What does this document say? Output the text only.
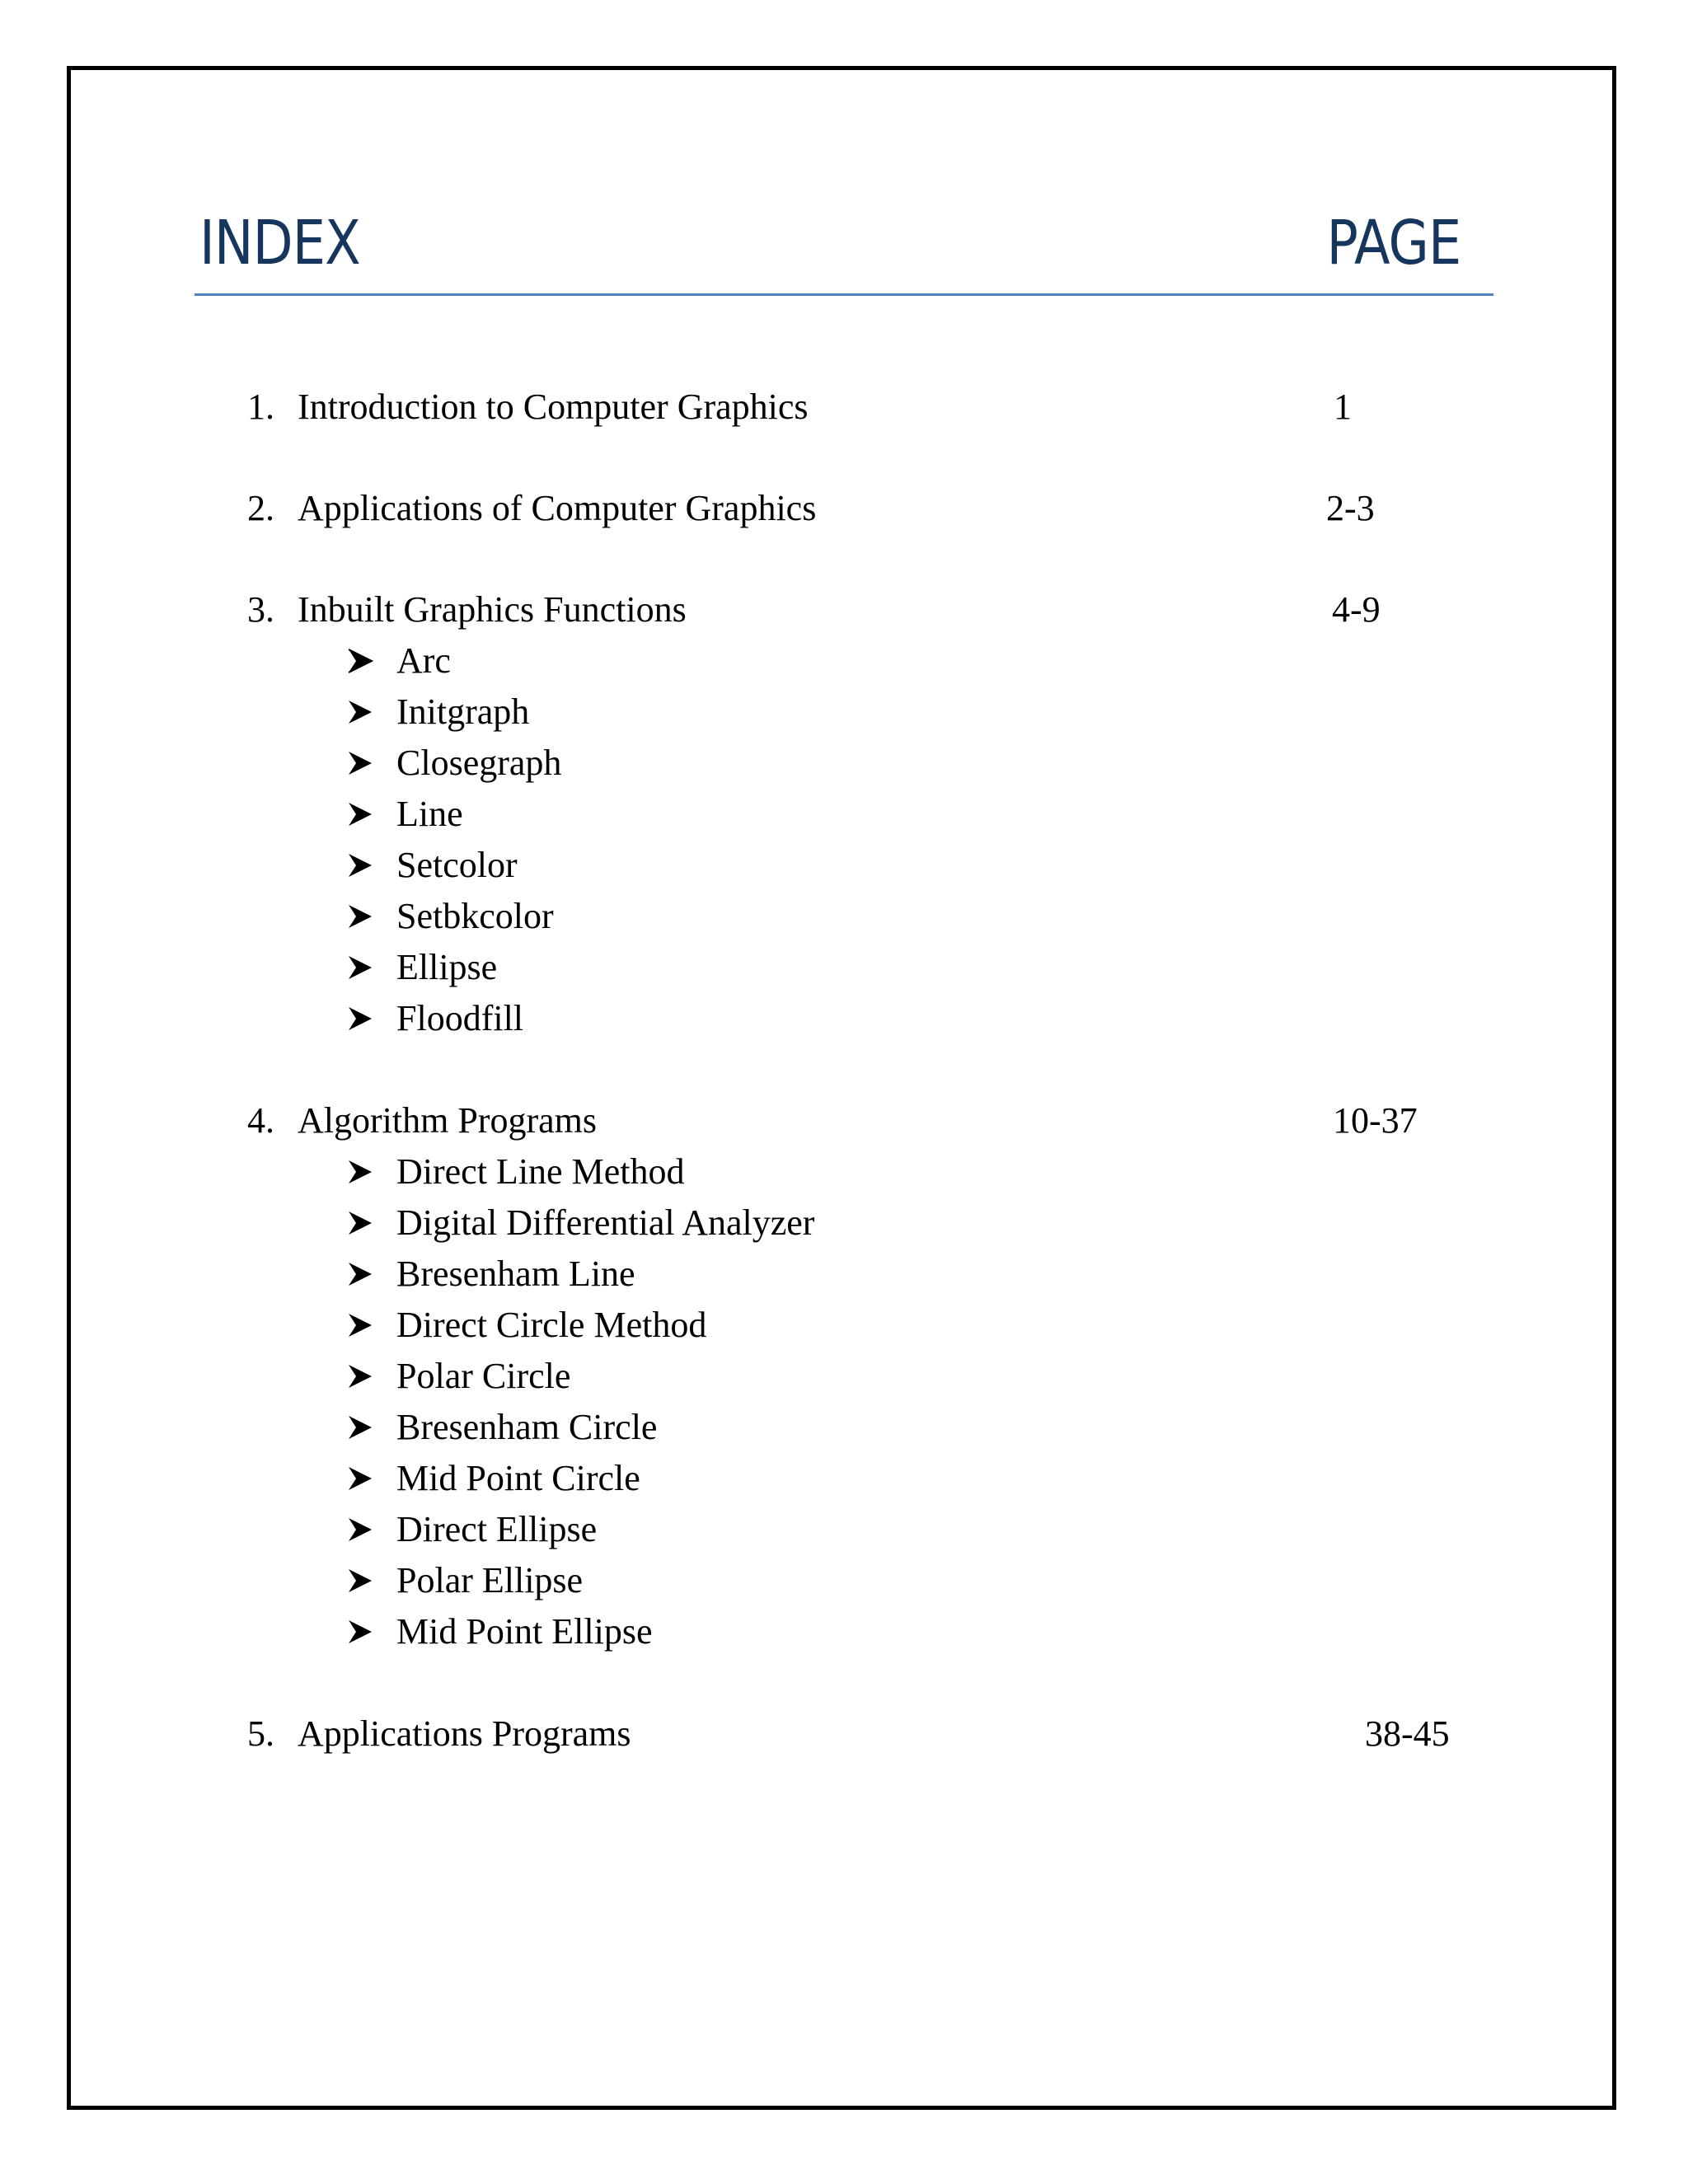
INDEX	PAGE
1. Introduction to Computer Graphics	1
2. Applications of Computer Graphics	2-3
3. Inbuilt Graphics Functions	4-9
Arc
Initgraph
Closegraph
Line
Setcolor
Setbkcolor
Ellipse
Floodfill
4. Algorithm Programs	10-37
Direct Line Method
Digital Differential Analyzer
Bresenham Line
Direct Circle Method
Polar Circle
Bresenham Circle
Mid Point Circle
Direct Ellipse
Polar Ellipse
Mid Point Ellipse
5. Applications Programs	38-45
